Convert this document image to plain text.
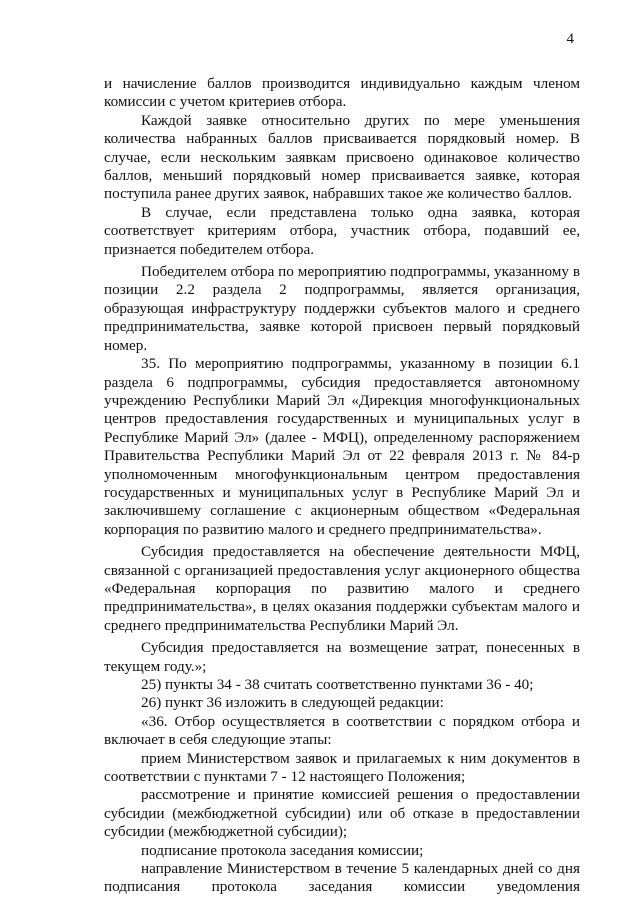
4

и начисление баллов производится индивидуально каждым членом комиссии с учетом критериев отбора.

Каждой заявке относительно других по мере уменьшения количества набранных баллов присваивается порядковый номер. В случае, если нескольким заявкам присвоено одинаковое количество баллов, меньший порядковый номер присваивается заявке, которая поступила ранее других заявок, набравших такое же количество баллов.

В случае, если представлена только одна заявка, которая соответствует критериям отбора, участник отбора, подавший ее, признается победителем отбора.

Победителем отбора по мероприятию подпрограммы, указанному в позиции 2.2 раздела 2 подпрограммы, является организация, образующая инфраструктуру поддержки субъектов малого и среднего предпринимательства, заявке которой присвоен первый порядковый номер.

35. По мероприятию подпрограммы, указанному в позиции 6.1 раздела 6 подпрограммы, субсидия предоставляется автономному учреждению Республики Марий Эл «Дирекция многофункциональных центров предоставления государственных и муниципальных услуг в Республике Марий Эл» (далее - МФЦ), определенному распоряжением Правительства Республики Марий Эл от 22 февраля 2013 г. № 84-р уполномоченным многофункциональным центром предоставления государственных и муниципальных услуг в Республике Марий Эл и заключившему соглашение с акционерным обществом «Федеральная корпорация по развитию малого и среднего предпринимательства».

Субсидия предоставляется на обеспечение деятельности МФЦ, связанной с организацией предоставления услуг акционерного общества «Федеральная корпорация по развитию малого и среднего предпринимательства», в целях оказания поддержки субъектам малого и среднего предпринимательства Республики Марий Эл.

Субсидия предоставляется на возмещение затрат, понесенных в текущем году.»;

25) пункты 34 - 38 считать соответственно пунктами 36 - 40;

26) пункт 36 изложить в следующей редакции:

«36. Отбор осуществляется в соответствии с порядком отбора и включает в себя следующие этапы:

прием Министерством заявок и прилагаемых к ним документов в соответствии с пунктами 7 - 12 настоящего Положения;

рассмотрение и принятие комиссией решения о предоставлении субсидии (межбюджетной субсидии) или об отказе в предоставлении субсидии (межбюджетной субсидии);

подписание протокола заседания комиссии;

направление Министерством в течение 5 календарных дней со дня подписания протокола заседания комиссии уведомления
